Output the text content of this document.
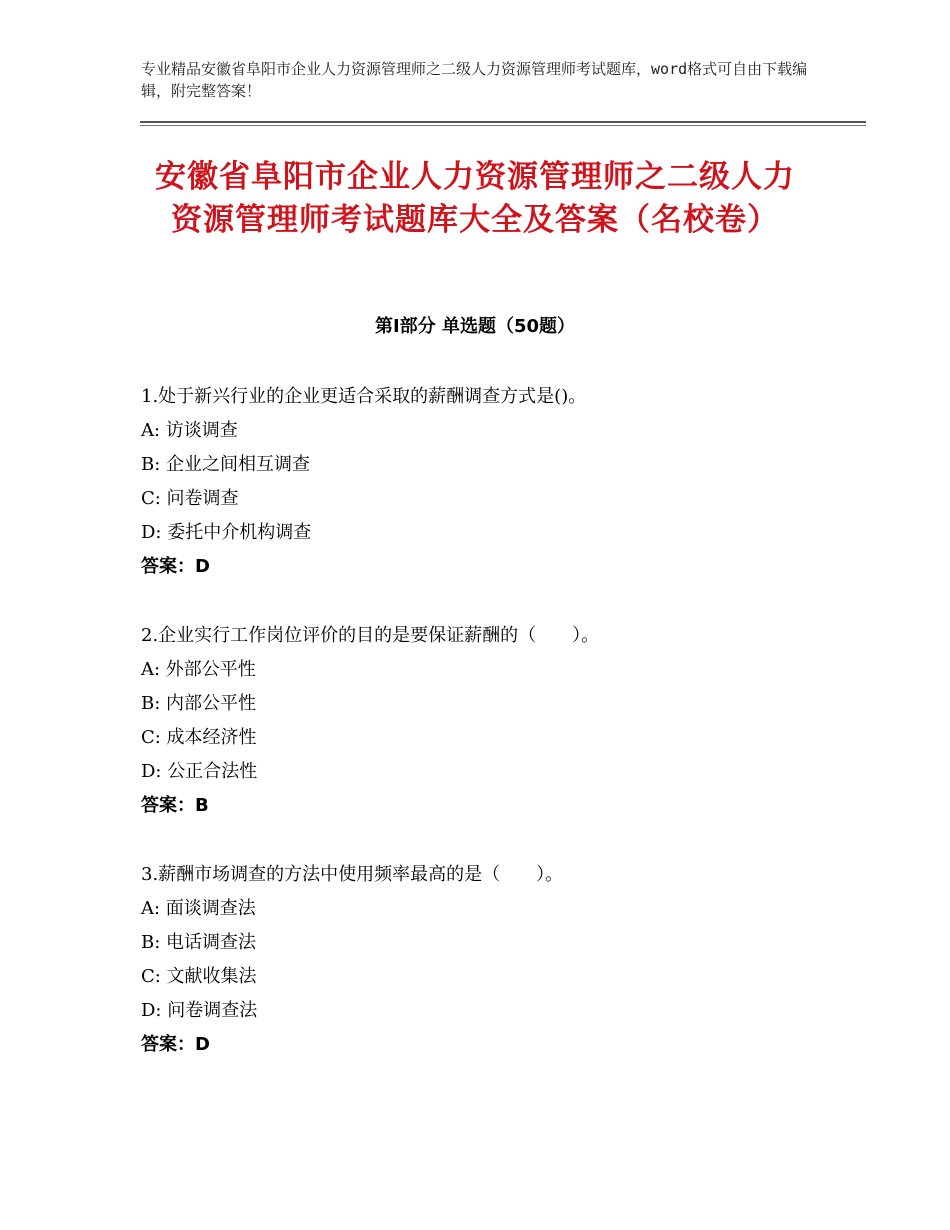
专业精品安徽省阜阳市企业人力资源管理师之二级人力资源管理师考试题库，word格式可自由下载编辑，附完整答案！
安徽省阜阳市企业人力资源管理师之二级人力资源管理师考试题库大全及答案（名校卷）
第Ⅰ部分 单选题（50题）
1.处于新兴行业的企业更适合采取的薪酬调查方式是()。
A: 访谈调查
B: 企业之间相互调查
C: 问卷调查
D: 委托中介机构调查
答案：D
2.企业实行工作岗位评价的目的是要保证薪酬的（　　）。
A: 外部公平性
B: 内部公平性
C: 成本经济性
D: 公正合法性
答案：B
3.薪酬市场调查的方法中使用频率最高的是（　　）。
A: 面谈调查法
B: 电话调查法
C: 文献收集法
D: 问卷调查法
答案：D
